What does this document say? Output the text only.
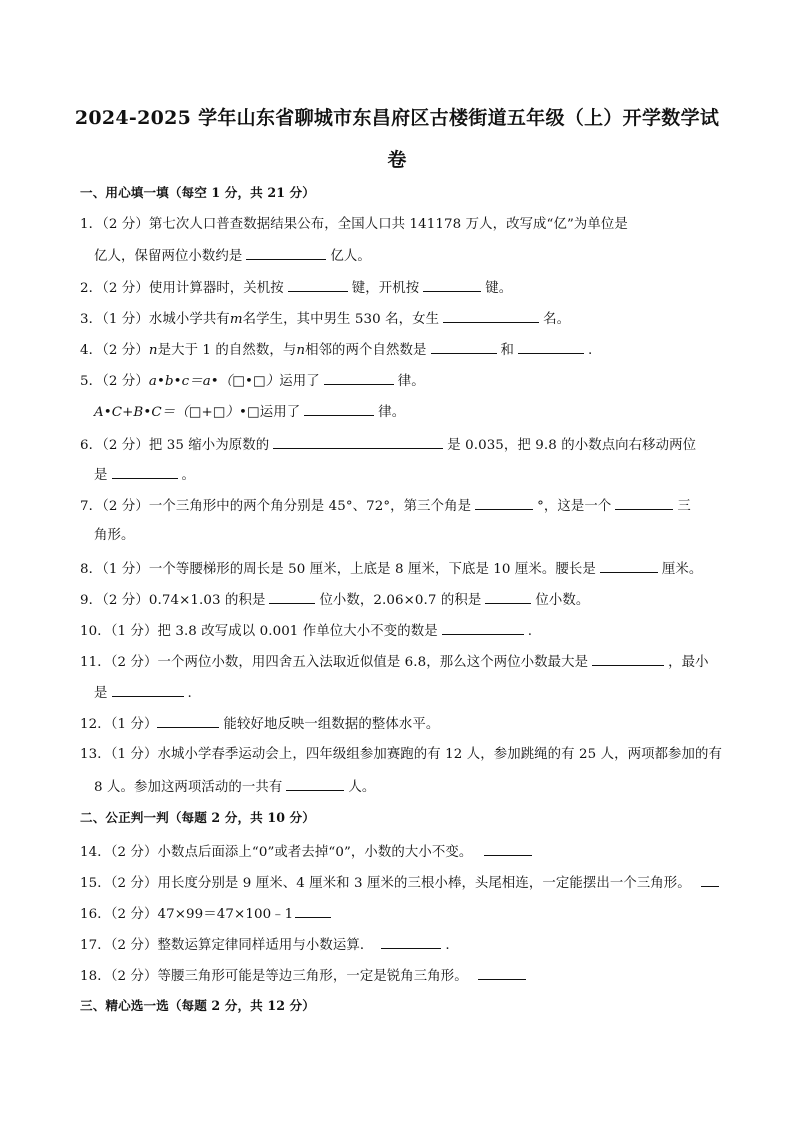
2024-2025 学年山东省聊城市东昌府区古楼街道五年级（上）开学数学试
卷
一、用心填一填（每空 1 分，共 21 分）
1．（2 分）第七次人口普查数据结果公布，全国人口共 141178 万人，改写成“亿”为单位是
亿人，保留两位小数约是	亿人。
2．（2 分）使用计算器时，关机按	键，开机按	键。
3．（1 分）水城小学共有m名学生，其中男生 530 名，女生	名。
4．（2 分）n是大于 1 的自然数，与n相邻的两个自然数是	和	.
5．（2 分）a•b•c＝a•（□•□）运用了	律。
A•C+B•C＝（□+□）•□运用了	律。
6．（2 分）把 35 缩小为原数的	是 0.035，把 9.8 的小数点向右移动两位
是	。
7．（2 分）一个三角形中的两个角分别是 45°、72°，第三个角是	°，这是一个	三
角形。
8．（1 分）一个等腰梯形的周长是 50 厘米，上底是 8 厘米，下底是 10 厘米。腰长是	厘米。
9．（2 分）0.74×1.03 的积是	位小数，2.06×0.7 的积是	位小数。
10．（1 分）把 3.8 改写成以 0.001 作单位大小不变的数是	.
11．（2 分）一个两位小数，用四舍五入法取近似值是 6.8，那么这个两位小数最大是	，最小
是	.
12．（1 分）	能较好地反映一组数据的整体水平。
13．（1 分）水城小学春季运动会上，四年级组参加赛跑的有 12 人，参加跳绳的有 25 人，两项都参加的有
8 人。参加这两项活动的一共有	人。
二、公正判一判（每题 2 分，共 10 分）
14．（2 分）小数点后面添上“0”或者去掉“0”，小数的大小不变。
15．（2 分）用长度分别是 9 厘米、4 厘米和 3 厘米的三根小棒，头尾相连，一定能摆出一个三角形。
16．（2 分）47×99＝47×100﹣1
17．（2 分）整数运算定律同样适用与小数运算．	.
18．（2 分）等腰三角形可能是等边三角形，一定是锐角三角形。
三、精心选一选（每题 2 分，共 12 分）
